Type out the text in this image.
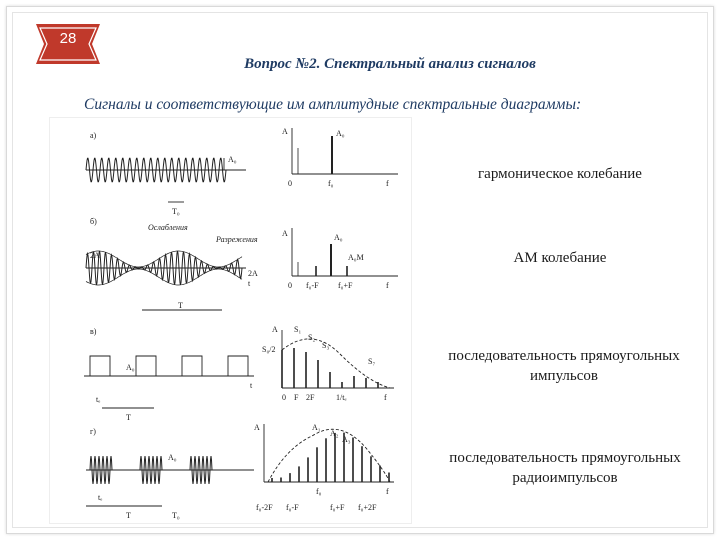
28
Вопрос №2. Спектральный анализ сигналов
Сигналы и соответствующие им амплитудные спектральные диаграммы:
а)
A₀
T₀
A	A₀
0	f₀	f
б)
Ослабления
Разрежения
2A
2A
t
T
A	A₀
A₀M
0 f₀-F f₀+F	f
в)
A₀
t
tₑ
T
A
S₀/2
S₁
S₂
S₃
S₇
0 F 2F	1/tₑ	f
г)
A₀
tₑ
T	T₀
A	A₁
A₂
A₃
f₀-2F f₀-F
f₀
f₀+F f₀+2F
f
гармоническое колебание
АМ колебание
последовательность прямоугольных импульсов
последовательность прямоугольных радиоимпульсов
